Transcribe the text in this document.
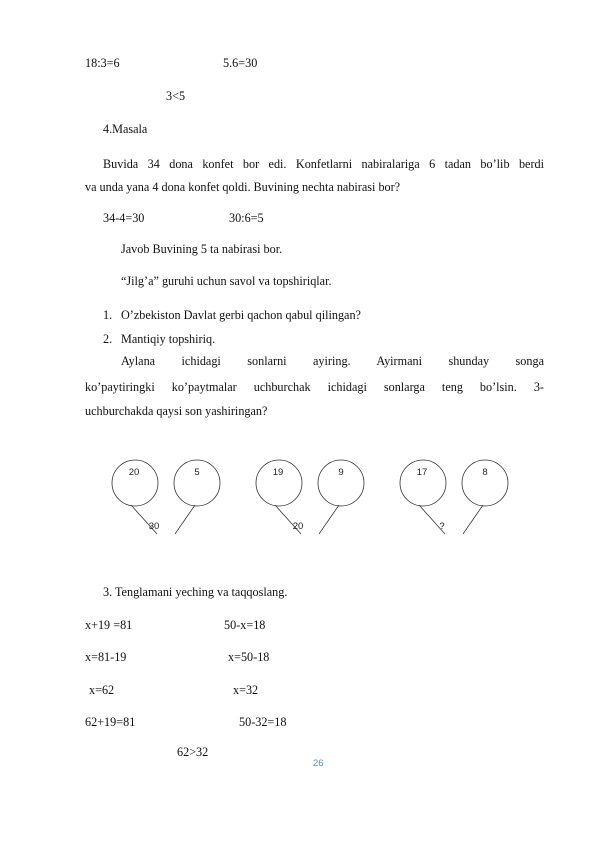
18:3=6	5.6=30
3<5
4.Masala
Buvida 34 dona konfet bor edi. Konfetlarni nabiralariga 6 tadan bo’lib berdi
va unda yana 4 dona konfet qoldi. Buvining nechta nabirasi bor?
34-4=30	30:6=5
Javob Buvining 5 ta nabirasi bor.
“Jilg’a” guruhi uchun savol va topshiriqlar.
1. O’zbekiston Davlat gerbi qachon qabul qilingan?
2. Mantiqiy topshiriq.
Aylana ichidagi sonlarni ayiring. Ayirmani shunday songa
ko’paytiringki ko’paytmalar uchburchak ichidagi sonlarga teng bo’lsin. 3-
uchburchakda qaysi son yashiringan?
20	5
30
19	9
20
17	8
?
3. Tenglamani yeching va taqqoslang.
x+19 =81	50-x=18
x=81-19	x=50-18
x=62	x=32
62+19=81	50-32=18
62>32
26
